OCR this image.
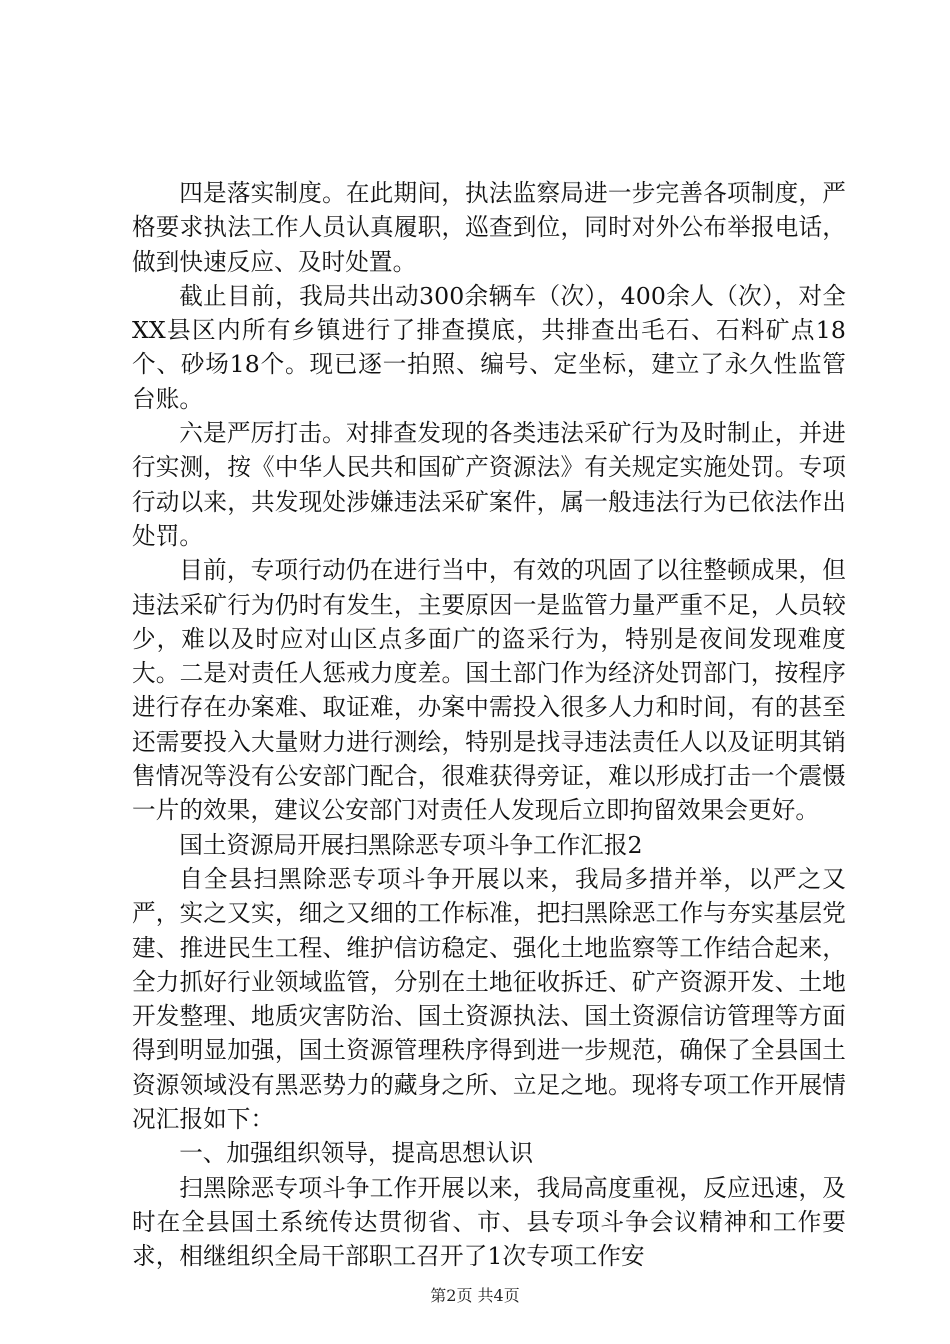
四是落实制度。在此期间，执法监察局进一步完善各项制度，严格要求执法工作人员认真履职，巡查到位，同时对外公布举报电话，做到快速反应、及时处置。

截止目前，我局共出动300余辆车（次），400余人（次），对全XX县区内所有乡镇进行了排查摸底，共排查出毛石、石料矿点18个、砂场18个。现已逐一拍照、编号、定坐标，建立了永久性监管台账。

六是严厉打击。对排查发现的各类违法采矿行为及时制止，并进行实测，按《中华人民共和国矿产资源法》有关规定实施处罚。专项行动以来，共发现处涉嫌违法采矿案件，属一般违法行为已依法作出处罚。

目前，专项行动仍在进行当中，有效的巩固了以往整顿成果，但违法采矿行为仍时有发生，主要原因一是监管力量严重不足，人员较少，难以及时应对山区点多面广的盗采行为，特别是夜间发现难度大。二是对责任人惩戒力度差。国土部门作为经济处罚部门，按程序进行存在办案难、取证难，办案中需投入很多人力和时间，有的甚至还需要投入大量财力进行测绘，特别是找寻违法责任人以及证明其销售情况等没有公安部门配合，很难获得旁证，难以形成打击一个震慑一片的效果，建议公安部门对责任人发现后立即拘留效果会更好。

国土资源局开展扫黑除恶专项斗争工作汇报2

自全县扫黑除恶专项斗争开展以来，我局多措并举，以严之又严，实之又实，细之又细的工作标准，把扫黑除恶工作与夯实基层党建、推进民生工程、维护信访稳定、强化土地监察等工作结合起来，全力抓好行业领域监管，分别在土地征收拆迁、矿产资源开发、土地开发整理、地质灾害防治、国土资源执法、国土资源信访管理等方面得到明显加强，国土资源管理秩序得到进一步规范，确保了全县国土资源领域没有黑恶势力的藏身之所、立足之地。现将专项工作开展情况汇报如下：

一、加强组织领导，提高思想认识

扫黑除恶专项斗争工作开展以来，我局高度重视，反应迅速，及时在全县国土系统传达贯彻省、市、县专项斗争会议精神和工作要求，相继组织全局干部职工召开了1次专项工作安

第2页 共4页
